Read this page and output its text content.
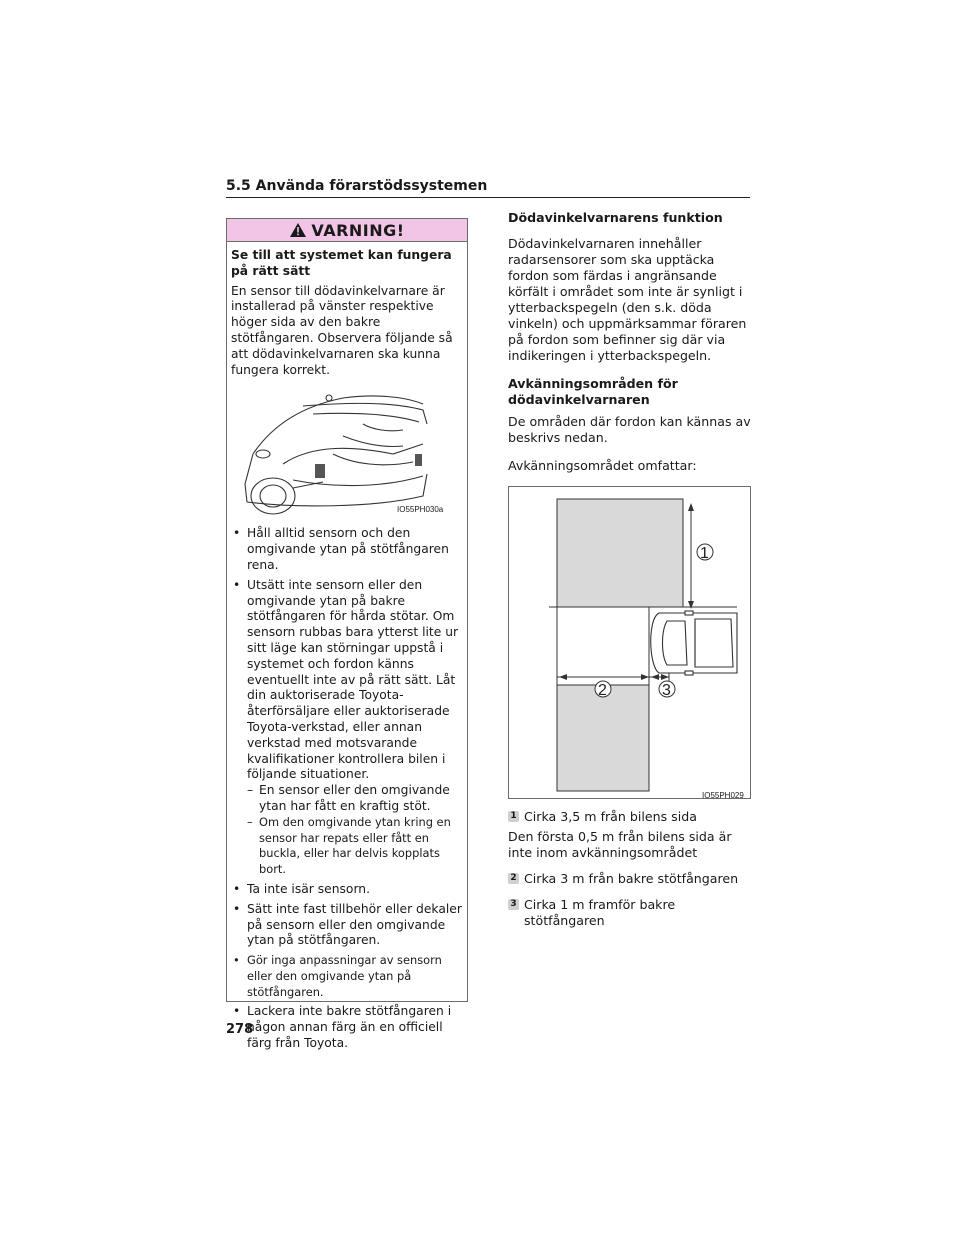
5.5 Använda förarstödssystemen
VARNING!
Se till att systemet kan fungera på rätt sätt
En sensor till dödavinkelvarnare är installerad på vänster respektive höger sida av den bakre stötfångaren. Observera följande så att dödavinkelvarnaren ska kunna fungera korrekt.
IO55PH030a
• Håll alltid sensorn och den omgivande ytan på stötfångaren rena.
• Utsätt inte sensorn eller den omgivande ytan på bakre stötfångaren för hårda stötar. Om sensorn rubbas bara ytterst lite ur sitt läge kan störningar uppstå i systemet och fordon känns eventuellt inte av på rätt sätt. Låt din auktoriserade Toyota-återförsäljare eller auktoriserade Toyota-verkstad, eller annan verkstad med motsvarande kvalifikationer kontrollera bilen i följande situationer.
– En sensor eller den omgivande ytan har fått en kraftig stöt.
– Om den omgivande ytan kring en sensor har repats eller fått en buckla, eller har delvis kopplats bort.
• Ta inte isär sensorn.
• Sätt inte fast tillbehör eller dekaler på sensorn eller den omgivande ytan på stötfångaren.
• Gör inga anpassningar av sensorn eller den omgivande ytan på stötfångaren.
• Lackera inte bakre stötfångaren i någon annan färg än en officiell färg från Toyota.
Dödavinkelvarnarens funktion
Dödavinkelvarnaren innehåller radarsensorer som ska upptäcka fordon som färdas i angränsande körfält i området som inte är synligt i ytterbackspegeln (den s.k. döda vinkeln) och uppmärksammar föraren på fordon som befinner sig där via indikeringen i ytterbackspegeln.
Avkänningsområden för dödavinkelvarnaren
De områden där fordon kan kännas av beskrivs nedan.
Avkänningsområdet omfattar:
1
2	3
IO55PH029
1 Cirka 3,5 m från bilens sida
Den första 0,5 m från bilens sida är inte inom avkänningsområdet
2 Cirka 3 m från bakre stötfångaren
3 Cirka 1 m framför bakre stötfångaren
278
